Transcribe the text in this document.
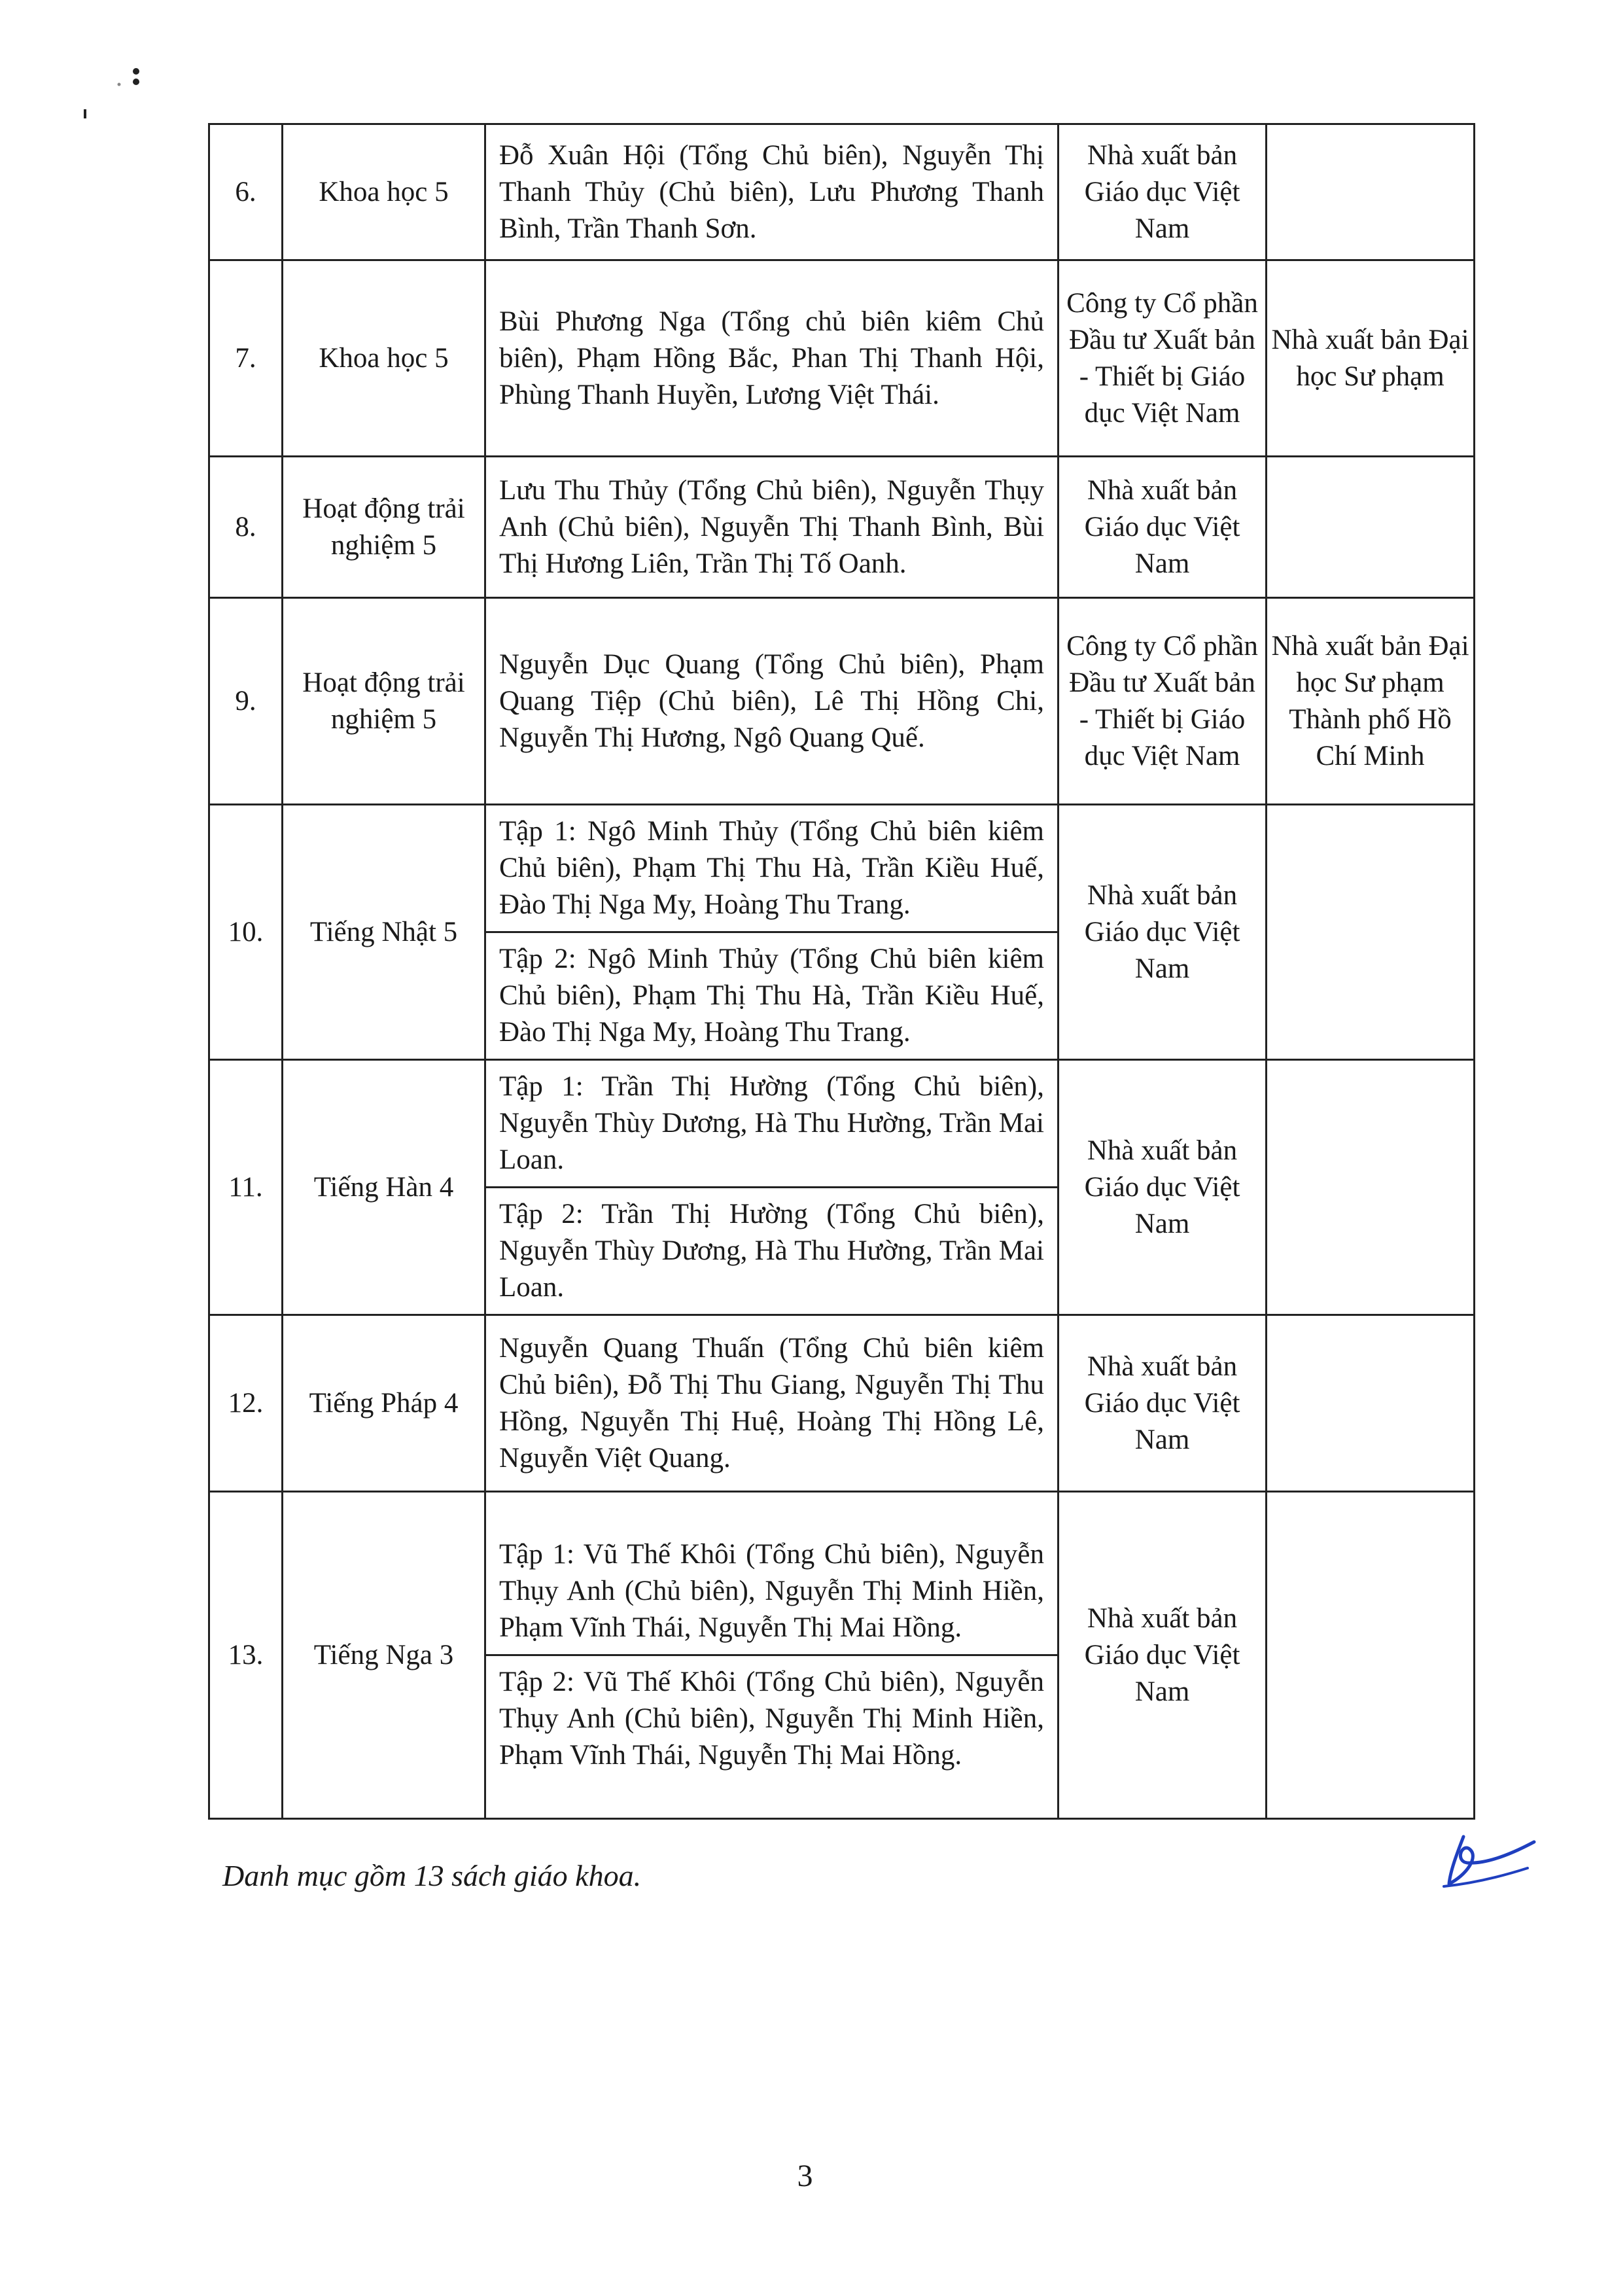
6.	Khoa học 5	Đỗ Xuân Hội (Tổng Chủ biên), Nguyễn Thị Thanh Thủy (Chủ biên), Lưu Phương Thanh Bình, Trần Thanh Sơn.	Nhà xuất bản Giáo dục Việt Nam	
7.	Khoa học 5	Bùi Phương Nga (Tổng chủ biên kiêm Chủ biên), Phạm Hồng Bắc, Phan Thị Thanh Hội, Phùng Thanh Huyền, Lương Việt Thái.	Công ty Cổ phần Đầu tư Xuất bản - Thiết bị Giáo dục Việt Nam	Nhà xuất bản Đại học Sư phạm
8.	Hoạt động trải nghiệm 5	Lưu Thu Thủy (Tổng Chủ biên), Nguyễn Thụy Anh (Chủ biên), Nguyễn Thị Thanh Bình, Bùi Thị Hương Liên, Trần Thị Tố Oanh.	Nhà xuất bản Giáo dục Việt Nam	
9.	Hoạt động trải nghiệm 5	Nguyễn Dục Quang (Tổng Chủ biên), Phạm Quang Tiệp (Chủ biên), Lê Thị Hồng Chi, Nguyễn Thị Hương, Ngô Quang Quế.	Công ty Cổ phần Đầu tư Xuất bản - Thiết bị Giáo dục Việt Nam	Nhà xuất bản Đại học Sư phạm Thành phố Hồ Chí Minh
10.	Tiếng Nhật 5	Tập 1: Ngô Minh Thủy (Tổng Chủ biên kiêm Chủ biên), Phạm Thị Thu Hà, Trần Kiều Huế, Đào Thị Nga My, Hoàng Thu Trang.
Tập 2: Ngô Minh Thủy (Tổng Chủ biên kiêm Chủ biên), Phạm Thị Thu Hà, Trần Kiều Huế, Đào Thị Nga My, Hoàng Thu Trang.	Nhà xuất bản Giáo dục Việt Nam	
11.	Tiếng Hàn 4	Tập 1: Trần Thị Hường (Tổng Chủ biên), Nguyễn Thùy Dương, Hà Thu Hường, Trần Mai Loan.
Tập 2: Trần Thị Hường (Tổng Chủ biên), Nguyễn Thùy Dương, Hà Thu Hường, Trần Mai Loan.	Nhà xuất bản Giáo dục Việt Nam	
12.	Tiếng Pháp 4	Nguyễn Quang Thuấn (Tổng Chủ biên kiêm Chủ biên), Đỗ Thị Thu Giang, Nguyễn Thị Thu Hồng, Nguyễn Thị Huệ, Hoàng Thị Hồng Lê, Nguyễn Việt Quang.	Nhà xuất bản Giáo dục Việt Nam	
13.	Tiếng Nga 3	Tập 1: Vũ Thế Khôi (Tổng Chủ biên), Nguyễn Thụy Anh (Chủ biên), Nguyễn Thị Minh Hiền, Phạm Vĩnh Thái, Nguyễn Thị Mai Hồng.
Tập 2: Vũ Thế Khôi (Tổng Chủ biên), Nguyễn Thụy Anh (Chủ biên), Nguyễn Thị Minh Hiền, Phạm Vĩnh Thái, Nguyễn Thị Mai Hồng.	Nhà xuất bản Giáo dục Việt Nam	
Danh mục gồm 13 sách giáo khoa.
3
